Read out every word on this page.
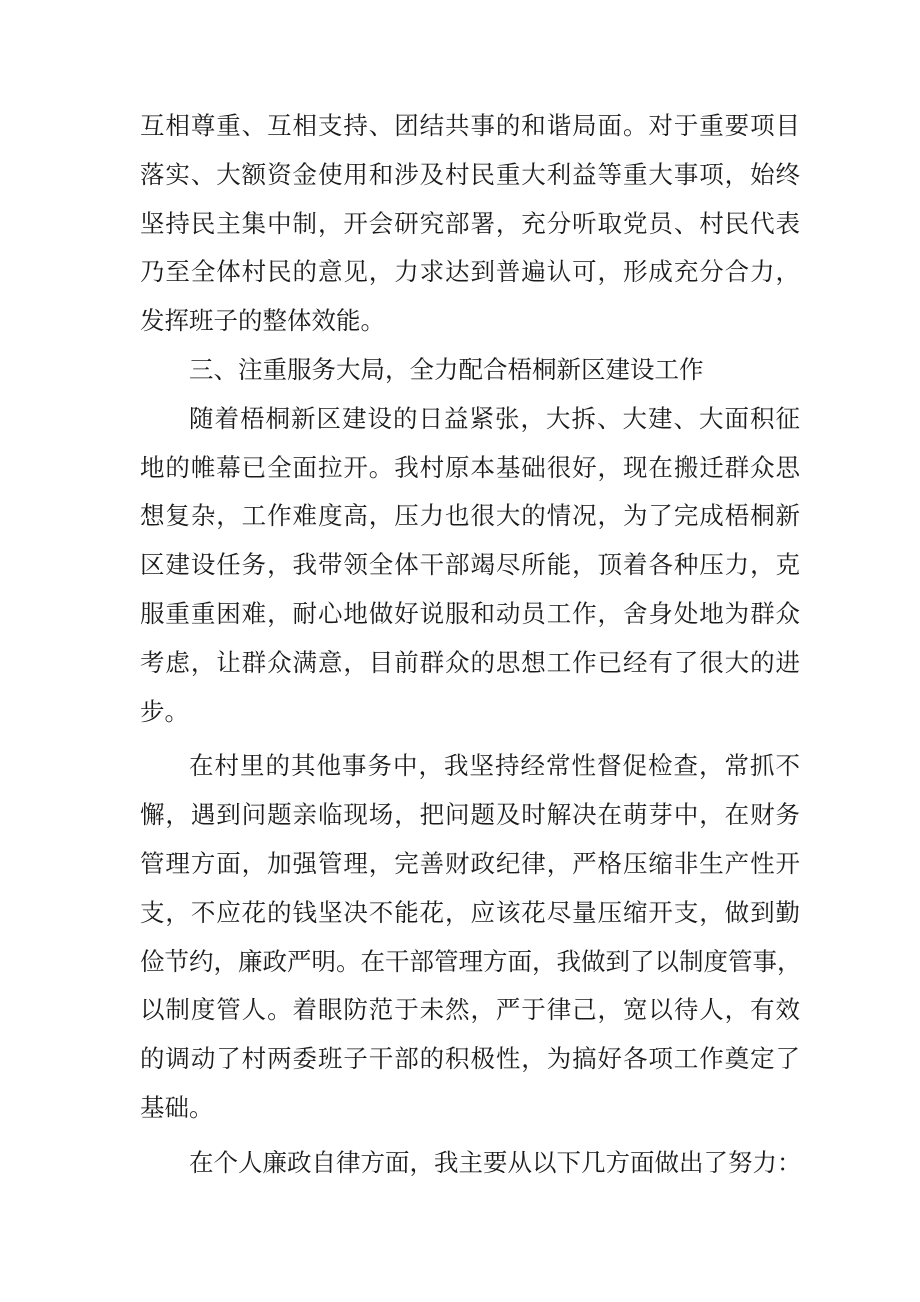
互相尊重、互相支持、团结共事的和谐局面。对于重要项目
落实、大额资金使用和涉及村民重大利益等重大事项，始终
坚持民主集中制，开会研究部署，充分听取党员、村民代表
乃至全体村民的意见，力求达到普遍认可，形成充分合力，
发挥班子的整体效能。
三、注重服务大局，全力配合梧桐新区建设工作
随着梧桐新区建设的日益紧张，大拆、大建、大面积征
地的帷幕已全面拉开。我村原本基础很好，现在搬迁群众思
想复杂，工作难度高，压力也很大的情况，为了完成梧桐新
区建设任务，我带领全体干部竭尽所能，顶着各种压力，克
服重重困难，耐心地做好说服和动员工作，舍身处地为群众
考虑，让群众满意，目前群众的思想工作已经有了很大的进
步。
在村里的其他事务中，我坚持经常性督促检查，常抓不
懈，遇到问题亲临现场，把问题及时解决在萌芽中，在财务
管理方面，加强管理，完善财政纪律，严格压缩非生产性开
支，不应花的钱坚决不能花，应该花尽量压缩开支，做到勤
俭节约，廉政严明。在干部管理方面，我做到了以制度管事，
以制度管人。着眼防范于未然，严于律己，宽以待人，有效
的调动了村两委班子干部的积极性，为搞好各项工作奠定了
基础。
在个人廉政自律方面，我主要从以下几方面做出了努力：
